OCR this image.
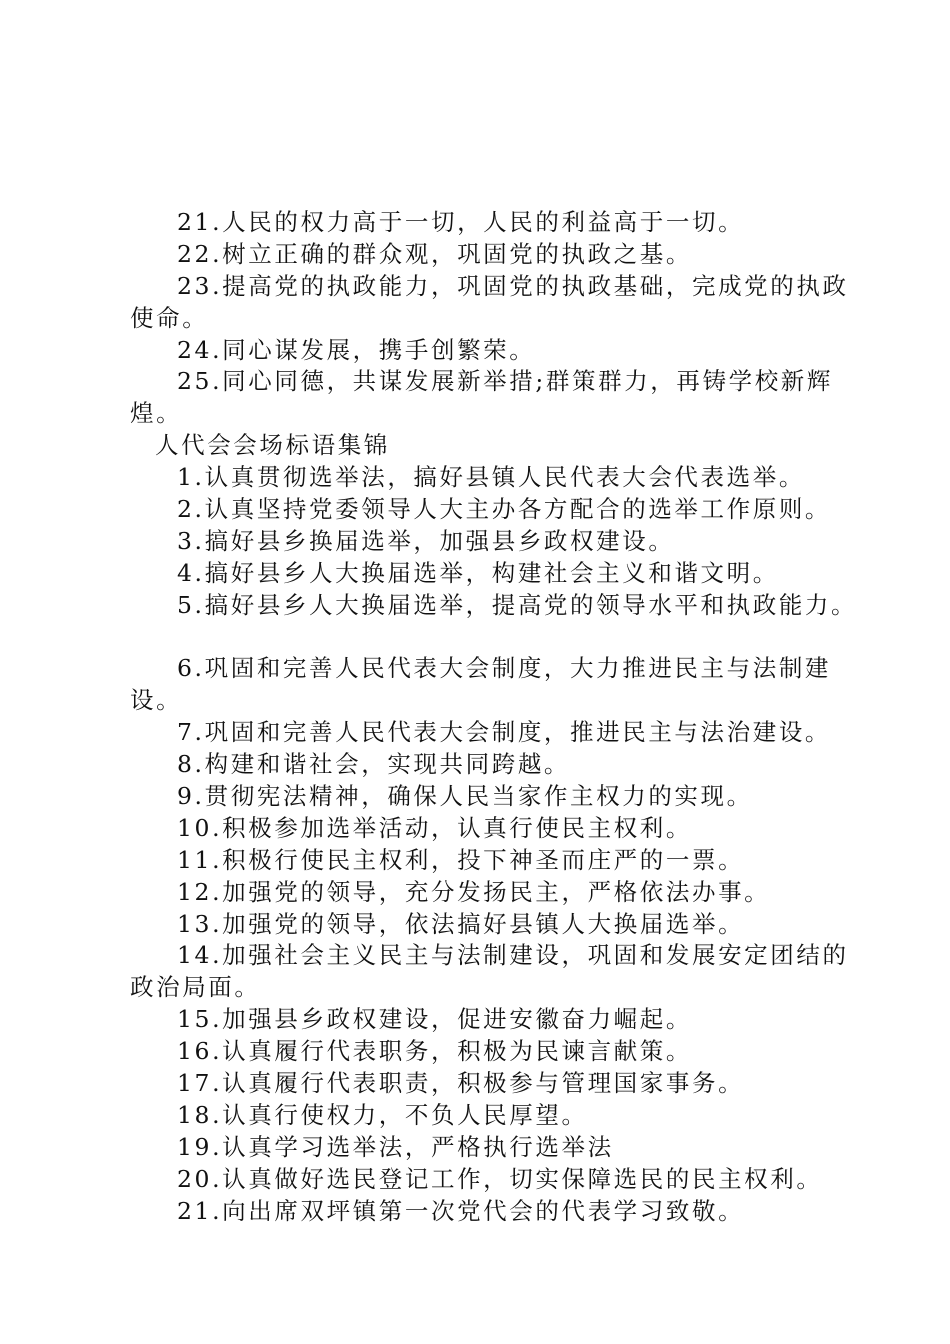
21.人民的权力高于一切，人民的利益高于一切。
22.树立正确的群众观，巩固党的执政之基。
23.提高党的执政能力，巩固党的执政基础，完成党的执政
使命。
24.同心谋发展，携手创繁荣。
25.同心同德，共谋发展新举措;群策群力，再铸学校新辉
煌。
人代会会场标语集锦
1.认真贯彻选举法，搞好县镇人民代表大会代表选举。
2.认真坚持党委领导人大主办各方配合的选举工作原则。
3.搞好县乡换届选举，加强县乡政权建设。
4.搞好县乡人大换届选举，构建社会主义和谐文明。
5.搞好县乡人大换届选举，提高党的领导水平和执政能力。
6.巩固和完善人民代表大会制度，大力推进民主与法制建
设。
7.巩固和完善人民代表大会制度，推进民主与法治建设。
8.构建和谐社会，实现共同跨越。
9.贯彻宪法精神，确保人民当家作主权力的实现。
10.积极参加选举活动，认真行使民主权利。
11.积极行使民主权利，投下神圣而庄严的一票。
12.加强党的领导，充分发扬民主，严格依法办事。
13.加强党的领导，依法搞好县镇人大换届选举。
14.加强社会主义民主与法制建设，巩固和发展安定团结的
政治局面。
15.加强县乡政权建设，促进安徽奋力崛起。
16.认真履行代表职务，积极为民谏言献策。
17.认真履行代表职责，积极参与管理国家事务。
18.认真行使权力，不负人民厚望。
19.认真学习选举法，严格执行选举法
20.认真做好选民登记工作，切实保障选民的民主权利。
21.向出席双坪镇第一次党代会的代表学习致敬。
